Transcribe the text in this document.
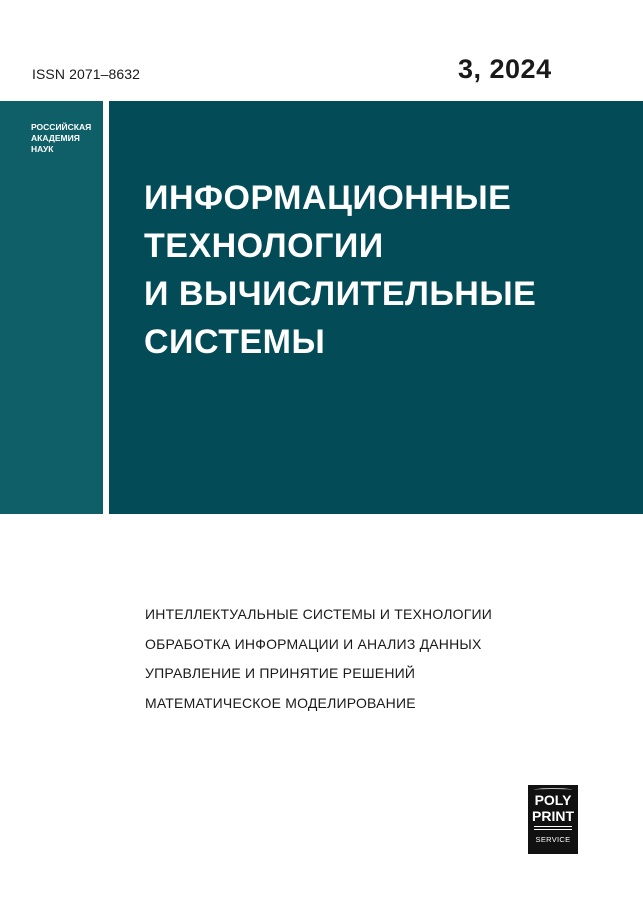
ISSN 2071–8632	3, 2024
РОССИЙСКАЯ
АКАДЕМИЯ
НАУК
ИНФОРМАЦИОННЫЕ
ТЕХНОЛОГИИ
И ВЫЧИСЛИТЕЛЬНЫЕ
СИСТЕМЫ
ИНТЕЛЛЕКТУАЛЬНЫЕ СИСТЕМЫ И ТЕХНОЛОГИИ
ОБРАБОТКА ИНФОРМАЦИИ И АНАЛИЗ ДАННЫХ
УПРАВЛЕНИЕ И ПРИНЯТИЕ РЕШЕНИЙ
МАТЕМАТИЧЕСКОЕ МОДЕЛИРОВАНИЕ
POLY
PRINT
SERVICE
